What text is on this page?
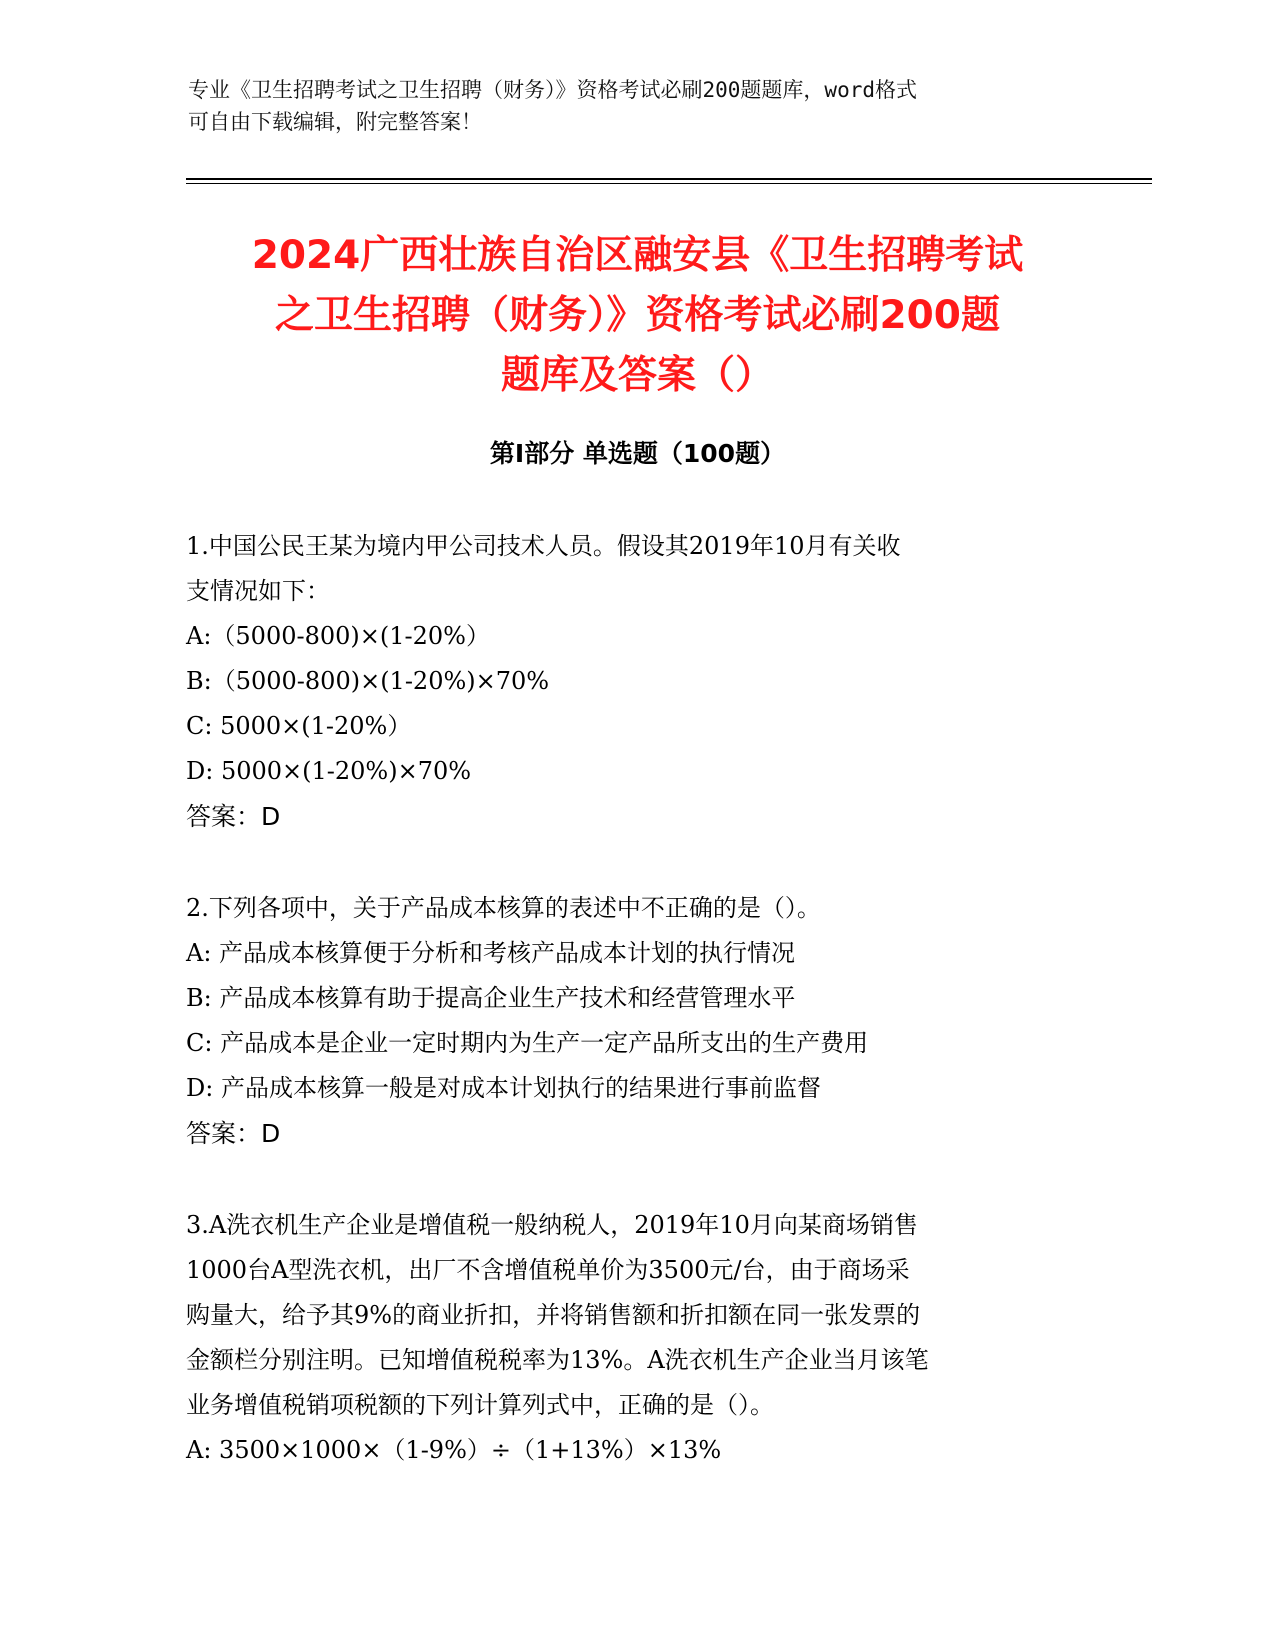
专业《卫生招聘考试之卫生招聘（财务）》资格考试必刷200题题库，word格式
可自由下载编辑，附完整答案！
2024广西壮族自治区融安县《卫生招聘考试
之卫生招聘（财务）》资格考试必刷200题
题库及答案（）
第Ⅰ部分 单选题（100题）
1.中国公民王某为境内甲公司技术人员。假设其2019年10月有关收
支情况如下：
A:（5000-800)×(1-20%）
B:（5000-800)×(1-20%)×70%
C: 5000×(1-20%）
D: 5000×(1-20%)×70%
答案：D
2.下列各项中，关于产品成本核算的表述中不正确的是（）。
A: 产品成本核算便于分析和考核产品成本计划的执行情况
B: 产品成本核算有助于提高企业生产技术和经营管理水平
C: 产品成本是企业一定时期内为生产一定产品所支出的生产费用
D: 产品成本核算一般是对成本计划执行的结果进行事前监督
答案：D
3.A洗衣机生产企业是增值税一般纳税人，2019年10月向某商场销售
1000台A型洗衣机，出厂不含增值税单价为3500元/台，由于商场采
购量大，给予其9%的商业折扣，并将销售额和折扣额在同一张发票的
金额栏分别注明。已知增值税税率为13%。A洗衣机生产企业当月该笔
业务增值税销项税额的下列计算列式中，正确的是（）。
A: 3500×1000×（1-9%）÷（1+13%）×13%
